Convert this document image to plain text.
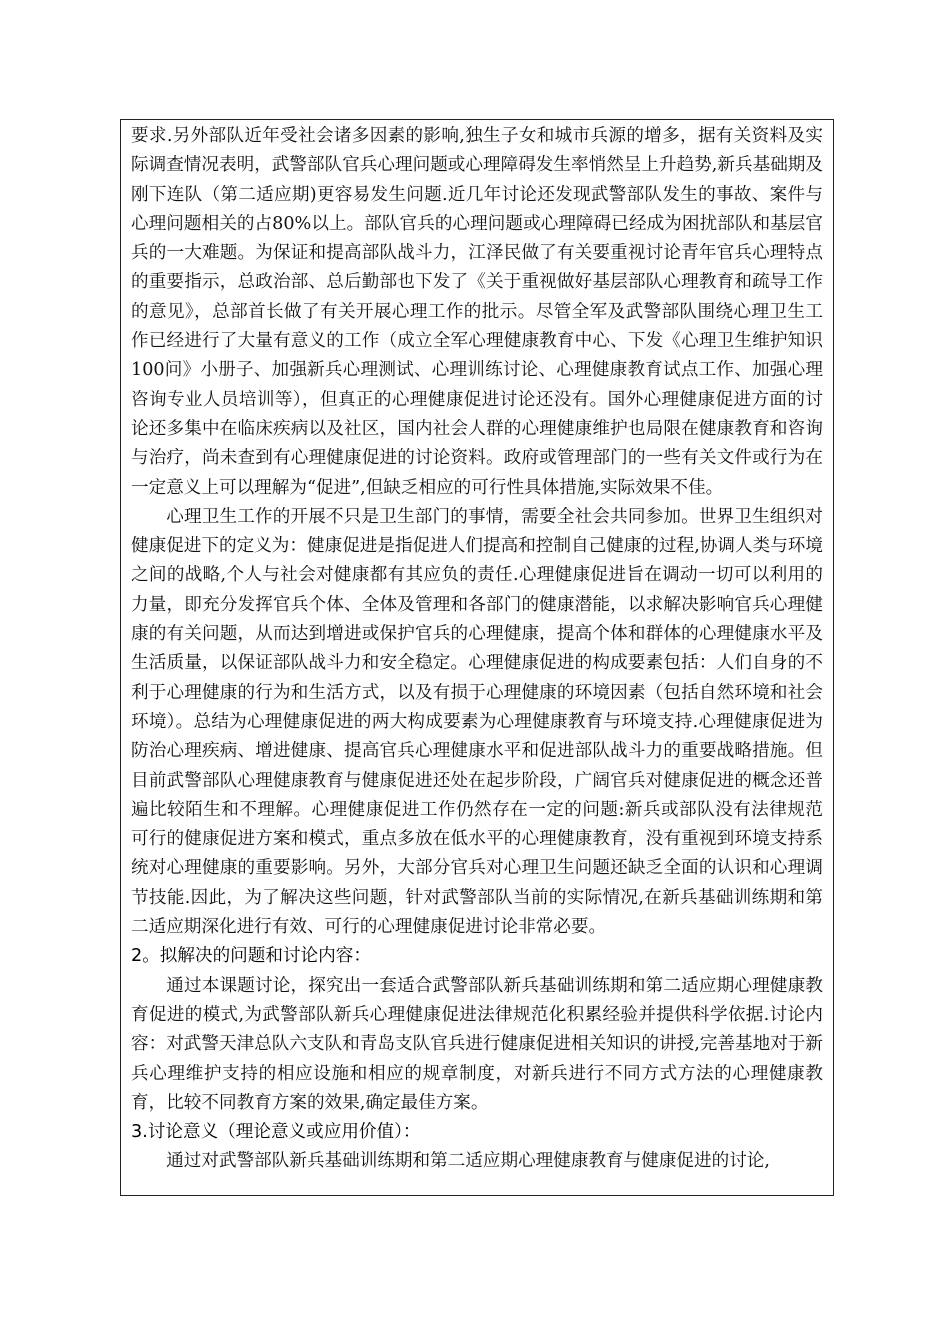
要求.另外部队近年受社会诸多因素的影响,独生子女和城市兵源的增多，据有关资料及实际调查情况表明，武警部队官兵心理问题或心理障碍发生率悄然呈上升趋势,新兵基础期及刚下连队（第二适应期)更容易发生问题.近几年讨论还发现武警部队发生的事故、案件与心理问题相关的占80%以上。部队官兵的心理问题或心理障碍已经成为困扰部队和基层官兵的一大难题。为保证和提高部队战斗力，江泽民做了有关要重视讨论青年官兵心理特点的重要指示，总政治部、总后勤部也下发了《关于重视做好基层部队心理教育和疏导工作的意见》，总部首长做了有关开展心理工作的批示。尽管全军及武警部队围绕心理卫生工作已经进行了大量有意义的工作（成立全军心理健康教育中心、下发《心理卫生维护知识100问》小册子、加强新兵心理测试、心理训练讨论、心理健康教育试点工作、加强心理咨询专业人员培训等），但真正的心理健康促进讨论还没有。国外心理健康促进方面的讨论还多集中在临床疾病以及社区，国内社会人群的心理健康维护也局限在健康教育和咨询与治疗，尚未查到有心理健康促进的讨论资料。政府或管理部门的一些有关文件或行为在一定意义上可以理解为“促进”,但缺乏相应的可行性具体措施,实际效果不佳。

心理卫生工作的开展不只是卫生部门的事情，需要全社会共同参加。世界卫生组织对健康促进下的定义为：健康促进是指促进人们提高和控制自己健康的过程,协调人类与环境之间的战略,个人与社会对健康都有其应负的责任.心理健康促进旨在调动一切可以利用的力量，即充分发挥官兵个体、全体及管理和各部门的健康潜能，以求解决影响官兵心理健康的有关问题，从而达到增进或保护官兵的心理健康，提高个体和群体的心理健康水平及生活质量，以保证部队战斗力和安全稳定。心理健康促进的构成要素包括：人们自身的不利于心理健康的行为和生活方式，以及有损于心理健康的环境因素（包括自然环境和社会环境）。总结为心理健康促进的两大构成要素为心理健康教育与环境支持.心理健康促进为防治心理疾病、增进健康、提高官兵心理健康水平和促进部队战斗力的重要战略措施。但目前武警部队心理健康教育与健康促进还处在起步阶段，广阔官兵对健康促进的概念还普遍比较陌生和不理解。心理健康促进工作仍然存在一定的问题:新兵或部队没有法律规范可行的健康促进方案和模式，重点多放在低水平的心理健康教育，没有重视到环境支持系统对心理健康的重要影响。另外，大部分官兵对心理卫生问题还缺乏全面的认识和心理调节技能.因此，为了解决这些问题，针对武警部队当前的实际情况,在新兵基础训练期和第二适应期深化进行有效、可行的心理健康促进讨论非常必要。

2。拟解决的问题和讨论内容：

通过本课题讨论，探究出一套适合武警部队新兵基础训练期和第二适应期心理健康教育促进的模式,为武警部队新兵心理健康促进法律规范化积累经验并提供科学依据.讨论内容：对武警天津总队六支队和青岛支队官兵进行健康促进相关知识的讲授,完善基地对于新兵心理维护支持的相应设施和相应的规章制度，对新兵进行不同方式方法的心理健康教育，比较不同教育方案的效果,确定最佳方案。

3.讨论意义（理论意义或应用价值）：

通过对武警部队新兵基础训练期和第二适应期心理健康教育与健康促进的讨论,
